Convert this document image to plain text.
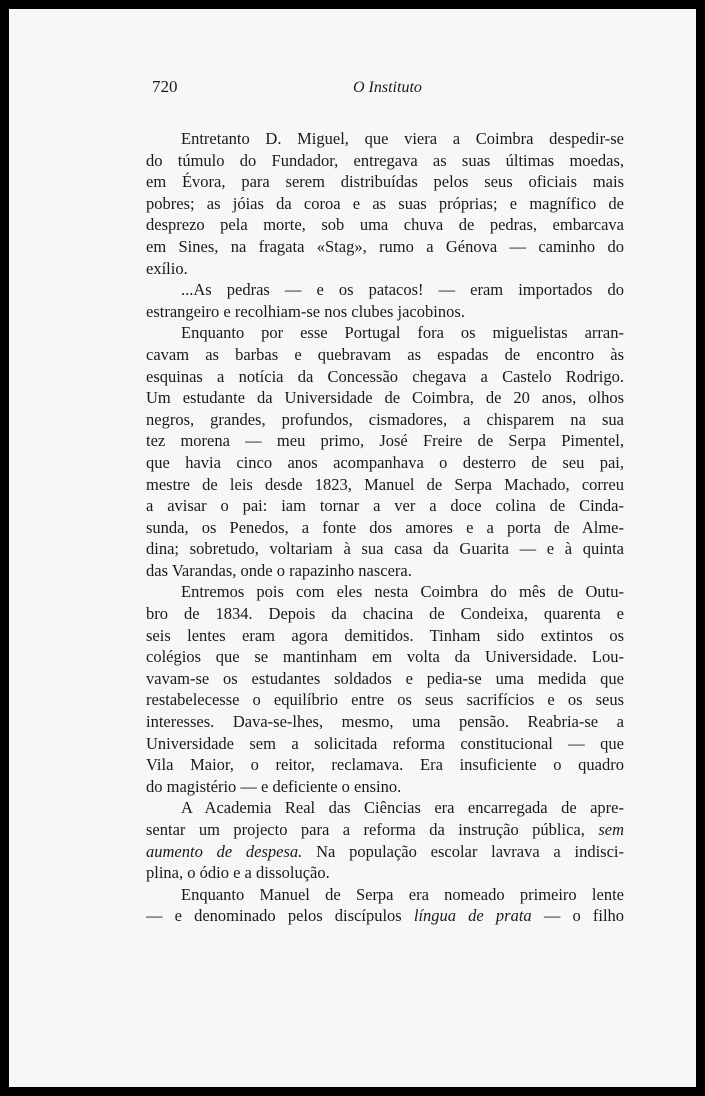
720	O Instituto
Entretanto D. Miguel, que viera a Coimbra despedir-se
do túmulo do Fundador, entregava as suas últimas moedas,
em Évora, para serem distribuídas pelos seus oficiais mais
pobres; as jóias da coroa e as suas próprias; e magnífico de
desprezo pela morte, sob uma chuva de pedras, embarcava
em Sines, na fragata «Stag», rumo a Génova — caminho do
exílio.
...As pedras — e os patacos! — eram importados do
estrangeiro e recolhiam-se nos clubes jacobinos.
Enquanto por esse Portugal fora os miguelistas arran-
cavam as barbas e quebravam as espadas de encontro às
esquinas a notícia da Concessão chegava a Castelo Rodrigo.
Um estudante da Universidade de Coimbra, de 20 anos, olhos
negros, grandes, profundos, cismadores, a chisparem na sua
tez morena — meu primo, José Freire de Serpa Pimentel,
que havia cinco anos acompanhava o desterro de seu pai,
mestre de leis desde 1823, Manuel de Serpa Machado, correu
a avisar o pai: iam tornar a ver a doce colina de Cinda-
sunda, os Penedos, a fonte dos amores e a porta de Alme-
dina; sobretudo, voltariam à sua casa da Guarita — e à quinta
das Varandas, onde o rapazinho nascera.
Entremos pois com eles nesta Coimbra do mês de Outu-
bro de 1834. Depois da chacina de Condeixa, quarenta e
seis lentes eram agora demitidos. Tinham sido extintos os
colégios que se mantinham em volta da Universidade. Lou-
vavam-se os estudantes soldados e pedia-se uma medida que
restabelecesse o equilíbrio entre os seus sacrifícios e os seus
interesses. Dava-se-lhes, mesmo, uma pensão. Reabria-se a
Universidade sem a solicitada reforma constitucional — que
Vila Maior, o reitor, reclamava. Era insuficiente o quadro
do magistério — e deficiente o ensino.
A Academia Real das Ciências era encarregada de apre-
sentar um projecto para a reforma da instrução pública, sem
aumento de despesa. Na população escolar lavrava a indisci-
plina, o ódio e a dissolução.
Enquanto Manuel de Serpa era nomeado primeiro lente
— e denominado pelos discípulos língua de prata — o filho
